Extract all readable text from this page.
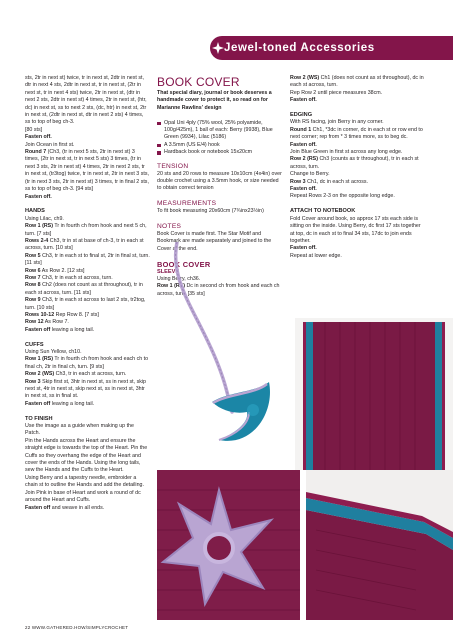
Jewel-toned Accessories

sts, 2tr in next st) twice, tr in next st, 2dtr in next st, dtr in next 4 sts, 2dtr in next st, tr in next st, (2tr in next st, tr in next 4 sts) twice, 2tr in next st, (dtr in next 2 sts, 2dtr in next st) 4 times, 2tr in next st, (htr, dc) in next st, ss to next 2 sts, (dc, htr) in next st, 2tr in next st, (2dtr in next st, dtr in next 2 sts) 4 times, ss to top of beg ch-3.
[80 sts]
Fasten off.
Join Ocean in first st.
Round 7 (Ch3, (tr in next 5 sts, 2tr in next st) 3 times, (2tr in next st, tr in next 5 sts) 3 times, (tr in next 3 sts, 2tr in next st) 4 times, 2tr in next 2 sts, tr in next st, (tr3tog) twice, tr in next st, 2tr in next 3 sts, (tr in next 3 sts, 2tr in next st) 3 times, tr in final 2 sts, ss to top of beg ch-3. [94 sts]
Fasten off.

HANDS
Using Lilac, ch9.
Row 1 (RS) Tr in fourth ch from hook and next 5 ch, turn. [7 sts]
Rows 2-4 Ch3, tr in st at base of ch-3, tr in each st across, turn. [10 sts]
Row 5 Ch3, tr in each st to final st, 2tr in final st, turn. [11 sts]
Row 6 As Row 2. [12 sts]
Row 7 Ch3, tr in each st across, turn.
Row 8 Ch2 (does not count as st throughout), tr in each st across, turn. [11 sts]
Row 9 Ch3, tr in each st across to last 2 sts, tr2tog, turn. [10 sts]
Rows 10-12 Rep Row 8. [7 sts]
Row 12 As Row 7.
Fasten off leaving a long tail.

CUFFS
Using Sun Yellow, ch10.
Row 1 (RS) Tr in fourth ch from hook and each ch to final ch, 2tr in final ch, turn. [9 sts]
Row 2 (WS) Ch3, tr in each st across, turn.
Row 3 Skip first st, 3htr in next st, ss in next st, skip next st, 4tr in next st, skip next st, ss in next st, 3htr in next st, ss in final st.
Fasten off leaving a long tail.

TO FINISH
Use the image as a guide when making up the Patch.
Pin the Hands across the Heart and ensure the straight edge is towards the top of the Heart. Pin the Cuffs so they overhang the edge of the Heart and cover the ends of the Hands. Using the long tails, sew the Hands and the Cuffs to the Heart.
Using Berry and a tapestry needle, embroider a chain st to outline the Hands and add the detailing.
Join Pink in base of Heart and work a round of dc around the Heart and Cuffs.
Fasten off and weave in all ends.

BOOK COVER

That special diary, journal or book deserves a handmade cover to protect it, so read on for Marianne Rawlins' design

Opal Uni 4ply (75% wool, 25% polyamide, 100g/425m), 1 ball of each: Berry (9938), Blue Green (9934), Lilac (5186)
A 3.5mm (US E/4) hook
Hardback book or notebook 15x20cm
TENSION

20 sts and 20 rows to measure 10x10cm (4x4in) over double crochet using a 3.5mm hook, or size needed to obtain correct tension

MEASUREMENTS

To fit book measuring 20x60cm (7¾inx23½in)

NOTES

Book Cover is made first. The Star Motif and Bookmark are made separately and joined to the Cover at the end.

BOOK COVER
SLEEVE
Using Berry, ch36.
Row 1 (RS) Dc in second ch from hook and each ch across, turn. [35 sts]

Row 2 (WS) Ch1 (does not count as st throughout), dc in each st across, turn.
Rep Row 2 until piece measures 38cm.
Fasten off.

EDGING
With RS facing, join Berry in any corner.
Round 1 Ch1, *3dc in corner, dc in each st or row end to next corner; rep from * 3 times more, ss to beg dc.
Fasten off.
Join Blue Green in first st across any long edge.
Row 2 (RS) Ch3 (counts as tr throughout), tr in each st across, turn.
Change to Berry.
Row 3 Ch1, dc in each st across.
Fasten off.
Repeat Rows 2-3 on the opposite long edge.

ATTACH TO NOTEBOOK
Fold Cover around book, so approx 17 sts each side is sitting on the inside. Using Berry, dc first 17 sts together at top, dc in each st to final 34 sts, 17dc to join ends together.
Fasten off.
Repeat at lower edge.

22 WWW.GATHERED.HOW/SIMPLYCROCHET
